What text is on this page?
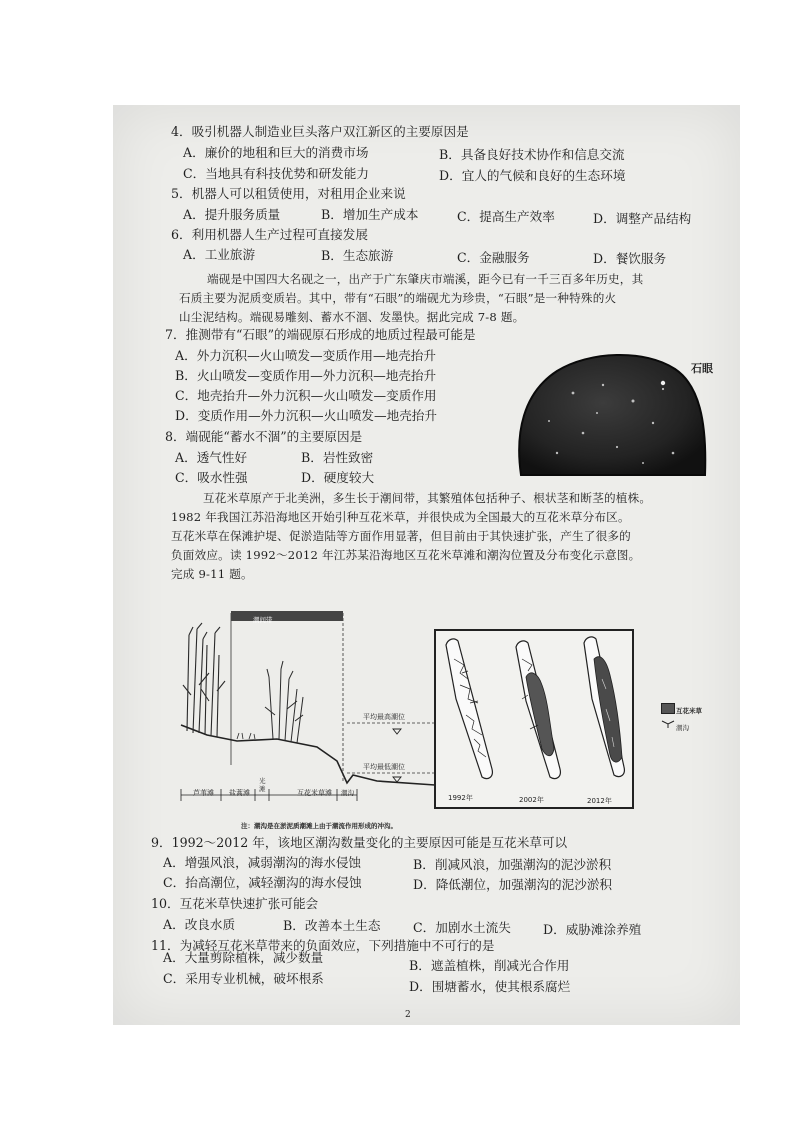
4．吸引机器人制造业巨头落户双江新区的主要原因是
A．廉价的地租和巨大的消费市场	B．具备良好技术协作和信息交流
C．当地具有科技优势和研发能力	D．宜人的气候和良好的生态环境
5．机器人可以租赁使用，对租用企业来说
A．提升服务质量	B．增加生产成本	C．提高生产效率	D．调整产品结构
6．利用机器人生产过程可直接发展
A．工业旅游	B．生态旅游	C．金融服务	D．餐饮服务

端砚是中国四大名砚之一，出产于广东肇庆市端溪，距今已有一千三百多年历史，其

石质主要为泥质变质岩。其中，带有“石眼”的端砚尤为珍贵，“石眼”是一种特殊的火

山尘泥结构。端砚易雕刻、蓄水不涸、发墨快。据此完成 7-8 题。

7．推测带有“石眼”的端砚原石形成的地质过程最可能是
A．外力沉积—火山喷发—变质作用—地壳抬升
B．火山喷发—变质作用—外力沉积—地壳抬升
C．地壳抬升—外力沉积—火山喷发—变质作用
D．变质作用—外力沉积—火山喷发—地壳抬升
石眼
8．端砚能“蓄水不涸”的主要原因是
A．透气性好	B．岩性致密
C．吸水性强	D．硬度较大

互花米草原产于北美洲，多生长于潮间带，其繁殖体包括种子、根状茎和断茎的植株。

1982 年我国江苏沿海地区开始引种互花米草，并很快成为全国最大的互花米草分布区。

互花米草在保滩护堤、促淤造陆等方面作用显著，但目前由于其快速扩张，产生了很多的

负面效应。读 1992～2012 年江苏某沿海地区互花米草滩和潮沟位置及分布变化示意图。

完成 9-11 题。

潮间带
平均最高潮位
平均最低潮位
芦苇滩 盐蒿滩
光滩	互花米草滩 潮沟
注：潮沟是在淤泥质潮滩上由于潮流作用形成的冲沟。
1992年	2002年	2012年
互花米草
潮沟
9．1992～2012 年，该地区潮沟数量变化的主要原因可能是互花米草可以
A．增强风浪，减弱潮沟的海水侵蚀	B．削减风浪，加强潮沟的泥沙淤积
C．抬高潮位，减轻潮沟的海水侵蚀	D．降低潮位，加强潮沟的泥沙淤积
10．互花米草快速扩张可能会
A．改良水质	B．改善本土生态	C．加剧水土流失	D．威胁滩涂养殖
11．为减轻互花米草带来的负面效应，下列措施中不可行的是
A．大量剪除植株，减少数量
B．遮盖植株，削减光合作用
C．采用专业机械，破坏根系
D．围塘蓄水，使其根系腐烂
2
